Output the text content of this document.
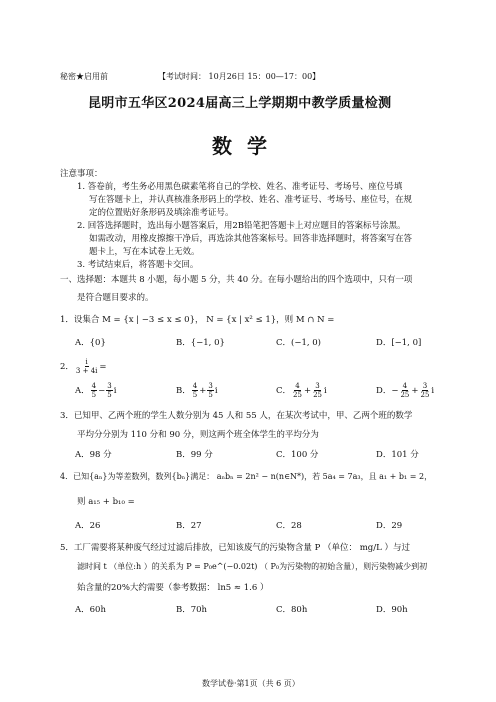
秘密★启用前	【考试时间： 10月26日 15：00—17：00】
昆明市五华区2024届高三上学期期中教学质量检测
数 学
注意事项：
1. 答卷前，考生务必用黑色碳素笔将自己的学校、姓名、准考证号、考场号、座位号填
写在答题卡上，并认真核准条形码上的学校、姓名、准考证号、考场号、座位号，在规
定的位置贴好条形码及填涂准考证号。
2. 回答选择题时，选出每小题答案后，用2B铅笔把答题卡上对应题目的答案标号涂黑。
如需改动，用橡皮擦擦干净后，再选涂其他答案标号。回答非选择题时，将答案写在答
题卡上，写在本试卷上无效。
3. 考试结束后，将答题卡交回。
一、选择题：本题共 8 小题，每小题 5 分，共 40 分。在每小题给出的四个选项中，只有一项
是符合题目要求的。
1．设集合 M = {x | −3 ≤ x ≤ 0}， N = {x | x² ≤ 1}，则 M ∩ N =
A．{0}	B．{−1, 0}	C．(−1, 0)	D．[−1, 0]
2． $\frac{i}{3 + 4i}$ =
A． $\frac{4}{5} - \frac{3}{5}$ i	B． $\frac{4}{5} + \frac{3}{5}$ i	C． $\frac{4}{25} + \frac{3}{25}$ i	D．− $\frac{4}{25} + \frac{3}{25}$ i
3．已知甲、乙两个班的学生人数分别为 45 人和 55 人，在某次考试中，甲、乙两个班的数学
平均分分别为 110 分和 90 分，则这两个班全体学生的平均分为
A．98 分	B．99 分	C．100 分	D．101 分
4．已知{aₙ}为等差数列，数列{bₙ}满足： aₙbₙ = 2n² − n(n∈N*)，若 5a₄ = 7a₃，且 a₁ + b₁ = 2，
则 a₁₅ + b₁₀ =
A．26	B．27	C．28	D．29
5．工厂需要将某种废气经过过滤后排放，已知该废气的污染物含量 P （单位： mg/L ）与过
滤时间 t （单位:h ）的关系为 P = P₀e^(−0.02t) （ P₀为污染物的初始含量），则污染物减少到初
始含量的20%大约需要（参考数据： ln5 ≈ 1.6 ）
A．60h	B．70h	C．80h	D．90h
数学试卷·第1页（共 6 页）
